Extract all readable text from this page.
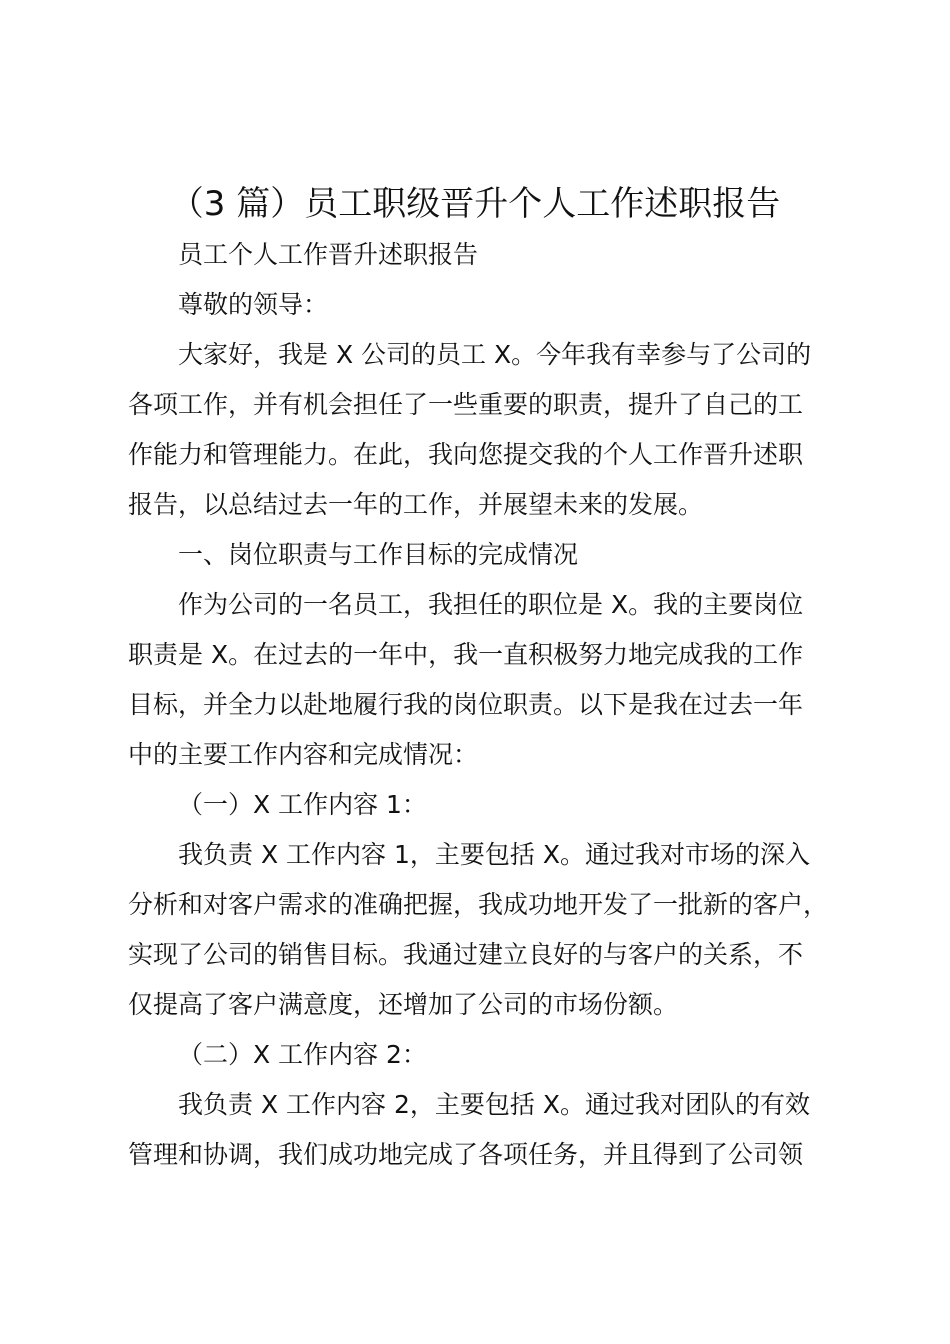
（3 篇）员工职级晋升个人工作述职报告
员工个人工作晋升述职报告
尊敬的领导：
大家好，我是 X 公司的员工 X。今年我有幸参与了公司的
各项工作，并有机会担任了一些重要的职责，提升了自己的工
作能力和管理能力。在此，我向您提交我的个人工作晋升述职
报告，以总结过去一年的工作，并展望未来的发展。
一、岗位职责与工作目标的完成情况
作为公司的一名员工，我担任的职位是 X。我的主要岗位
职责是 X。在过去的一年中，我一直积极努力地完成我的工作
目标，并全力以赴地履行我的岗位职责。以下是我在过去一年
中的主要工作内容和完成情况：
（一）X 工作内容 1：
我负责 X 工作内容 1，主要包括 X。通过我对市场的深入
分析和对客户需求的准确把握，我成功地开发了一批新的客户，
实现了公司的销售目标。我通过建立良好的与客户的关系，不
仅提高了客户满意度，还增加了公司的市场份额。
（二）X 工作内容 2：
我负责 X 工作内容 2，主要包括 X。通过我对团队的有效
管理和协调，我们成功地完成了各项任务，并且得到了公司领
